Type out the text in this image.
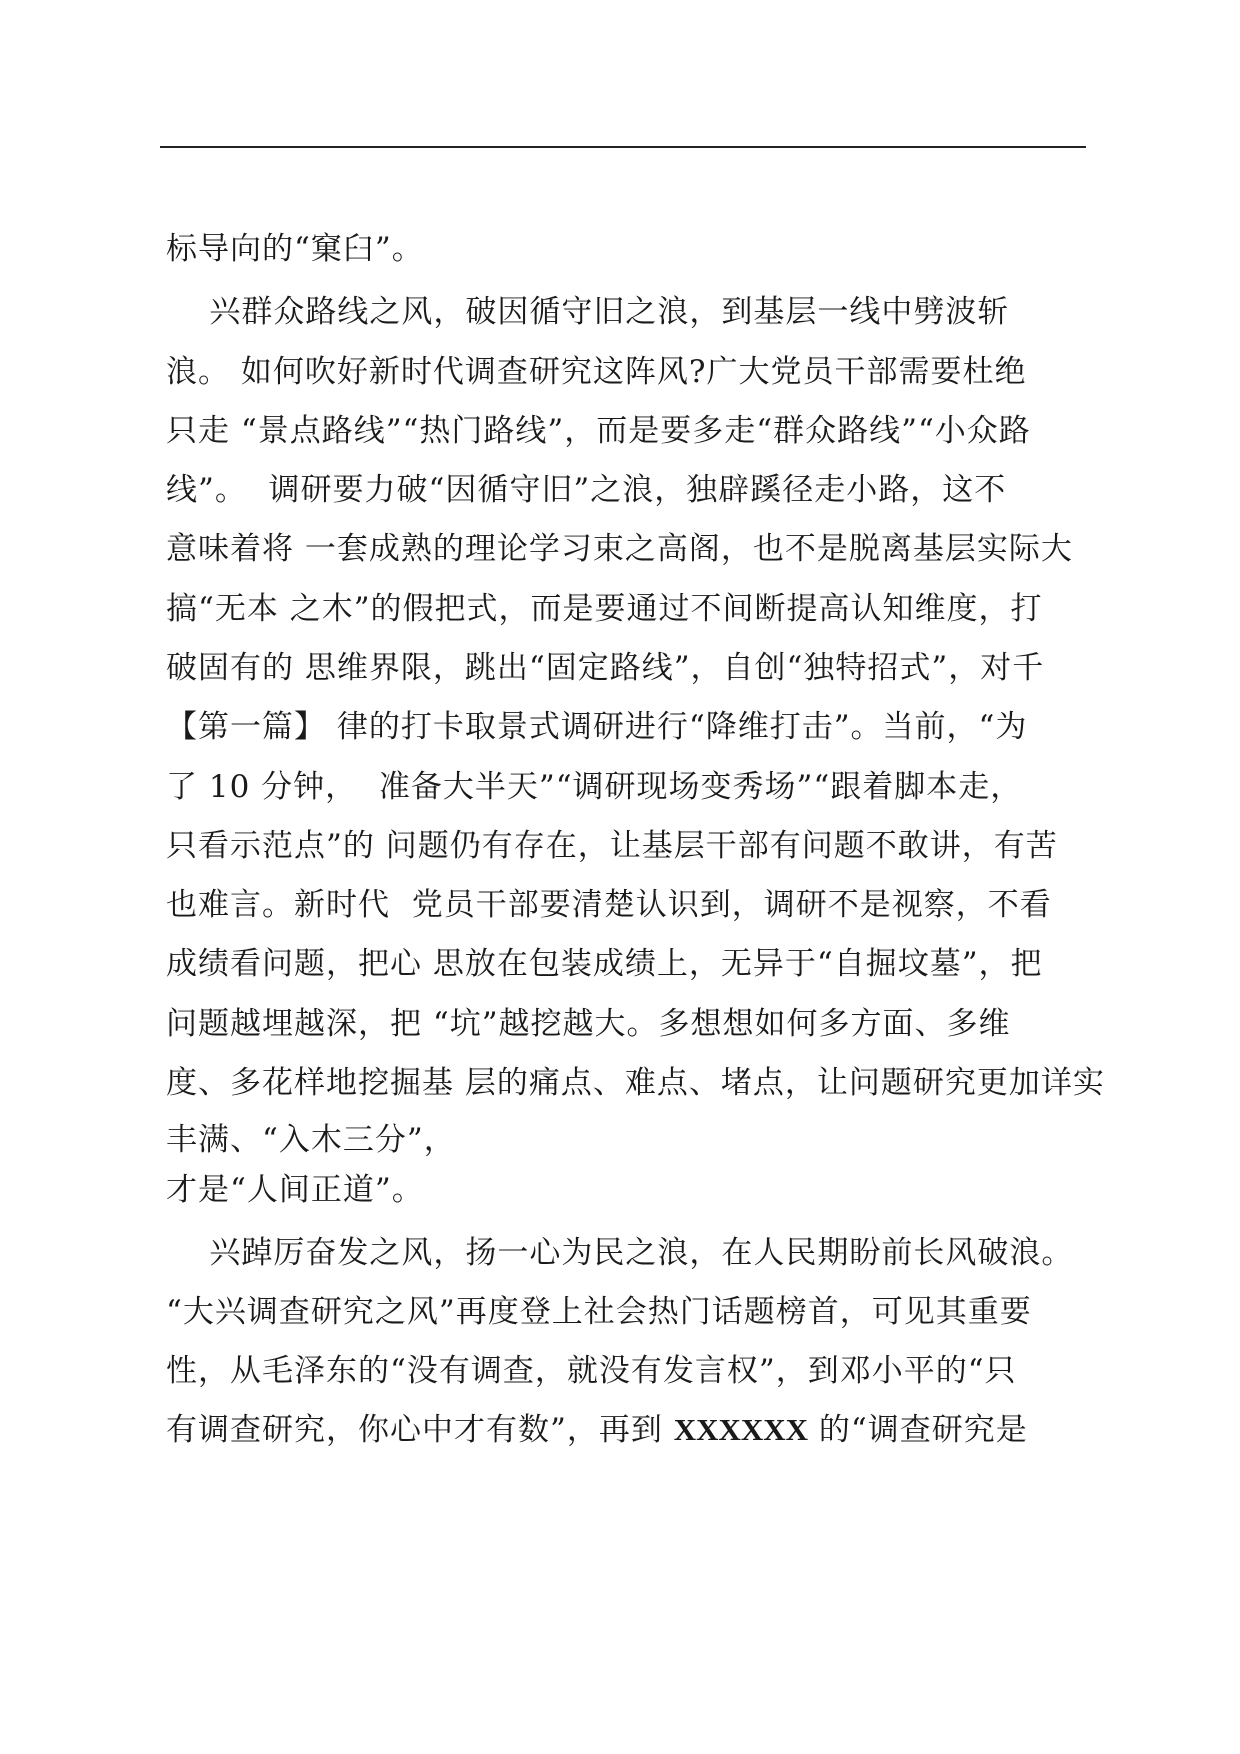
标导向的“窠臼”。
兴群众路线之风，破因循守旧之浪，到基层一线中劈波斩
浪。 如何吹好新时代调查研究这阵风?广大党员干部需要杜绝
只走 “景点路线”“热门路线”，而是要多走“群众路线”“小众路
线”。  调研要力破“因循守旧”之浪，独辟蹊径走小路，这不
意味着将 一套成熟的理论学习束之高阁，也不是脱离基层实际大
搞“无本 之木”的假把式，而是要通过不间断提高认知维度，打
破固有的 思维界限，跳出“固定路线”，自创“独特招式”，对千
【第一篇】 律的打卡取景式调研进行“降维打击”。当前，“为
了 10 分钟，  准备大半天”“调研现场变秀场”“跟着脚本走，
只看示范点”的 问题仍有存在，让基层干部有问题不敢讲，有苦
也难言。新时代  党员干部要清楚认识到，调研不是视察，不看
成绩看问题，把心 思放在包装成绩上，无异于“自掘坟墓”，把
问题越埋越深，把 “坑”越挖越大。多想想如何多方面、多维
度、多花样地挖掘基 层的痛点、难点、堵点，让问题研究更加详实
丰满、“入木三分”，
才是“人间正道”。
兴踔厉奋发之风，扬一心为民之浪，在人民期盼前长风破浪。
“大兴调查研究之风”再度登上社会热门话题榜首，可见其重要
性，从毛泽东的“没有调查，就没有发言权”，到邓小平的“只
有调查研究，你心中才有数”，再到 XXXXXX 的“调查研究是
